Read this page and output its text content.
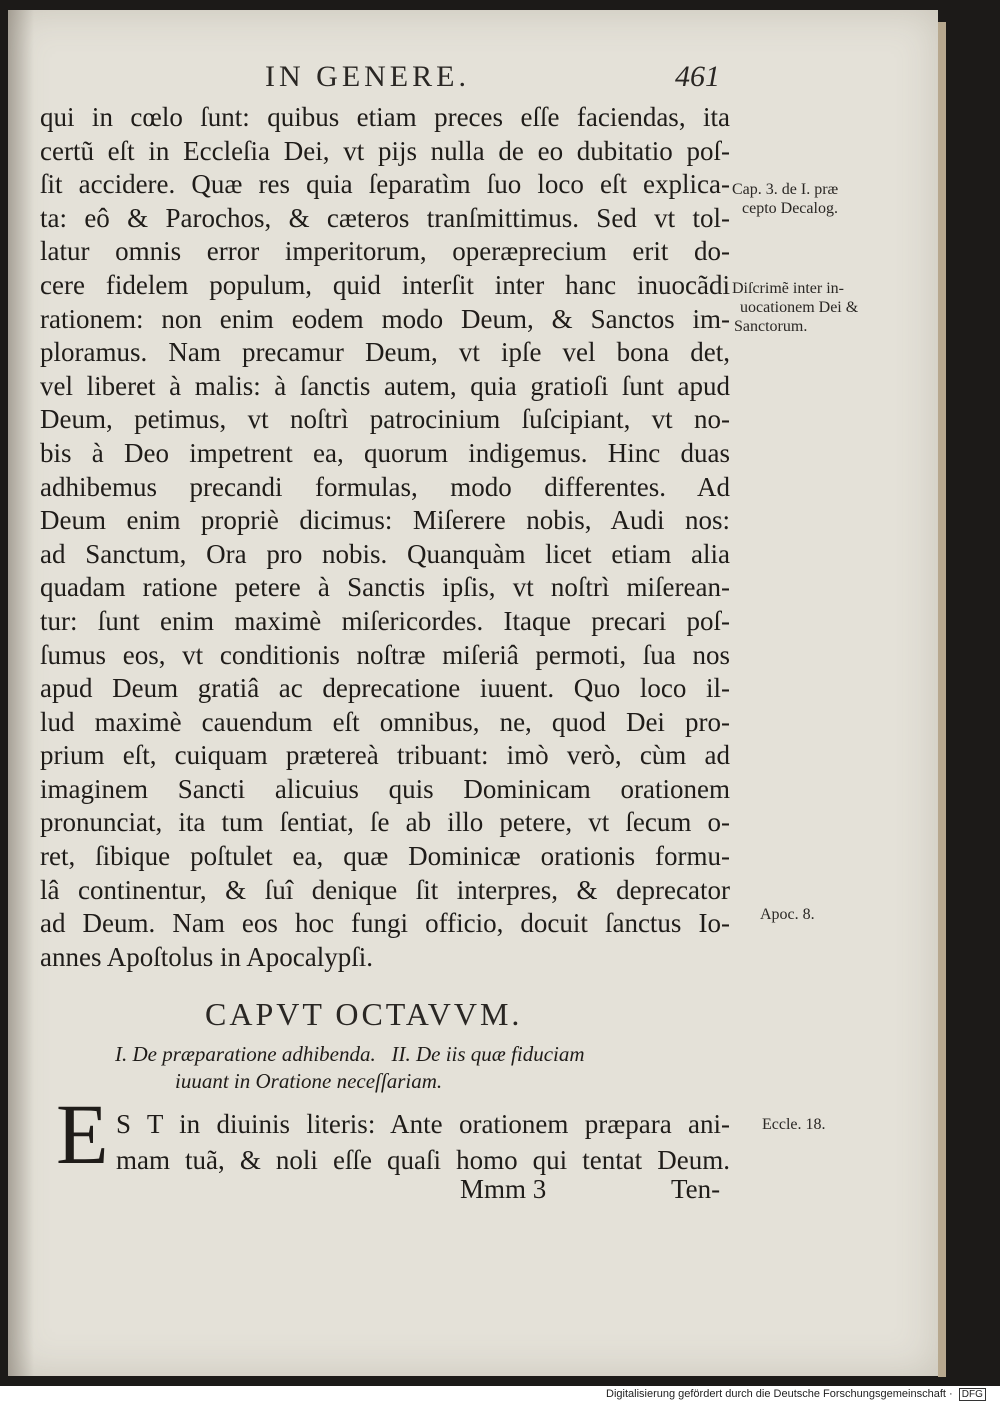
IN GENERE.	461
qui in cœlo ſunt: quibus etiam preces eſſe faciendas, ita
certũ eſt in Eccleſia Dei, vt pijs nulla de eo dubitatio poſ-
ſit accidere. Quæ res quia ſeparatìm ſuo loco eſt explica-
ta: eô & Parochos, & cæteros tranſmittimus. Sed vt tol-
latur omnis error imperitorum, operæprecium erit do-
cere fidelem populum, quid interſit inter hanc inuocãdi
rationem: non enim eodem modo Deum, & Sanctos im-
ploramus. Nam precamur Deum, vt ipſe vel bona det,
vel liberet à malis: à ſanctis autem, quia gratioſi ſunt apud
Deum, petimus, vt noſtrì patrocinium ſuſcipiant, vt no-
bis à Deo impetrent ea, quorum indigemus. Hinc duas
adhibemus precandi formulas, modo differentes. Ad
Deum enim propriè dicimus: Miſerere nobis, Audi nos:
ad Sanctum, Ora pro nobis. Quanquàm licet etiam alia
quadam ratione petere à Sanctis ipſis, vt noſtrì miſerean-
tur: ſunt enim maximè miſericordes. Itaque precari poſ-
ſumus eos, vt conditionis noſtræ miſeriâ permoti, ſua nos
apud Deum gratiâ ac deprecatione iuuent. Quo loco il-
lud maximè cauendum eſt omnibus, ne, quod Dei pro-
prium eſt, cuiquam prætereà tribuant: imò verò, cùm ad
imaginem Sancti alicuius quis Dominicam orationem
pronunciat, ita tum ſentiat, ſe ab illo petere, vt ſecum o-
ret, ſibiquе poſtulet ea, quæ Dominicæ orationis formu-
lâ continentur, & ſuî denique ſit interpres, & deprecator
ad Deum. Nam eos hoc fungi officio, docuit ſanctus Io-
annes Apoſtolus in Apocalypſi.
Cap. 3. de I. præ
cepto Decalog.
Diſcrimẽ inter in-
uocationem Dei &
Sanctorum.
Apoc. 8.
Eccle. 18.
CAPVT OCTAVVM.
I. De præparatione adhibenda.   II. De iis quæ fiduciam
iuuant in Oratione neceſſariam.
E S T in diuinis literis: Ante orationem præpara ani-
mam tuã, & noli eſſe quaſi homo qui tentat Deum.
Mmm 3	Ten-
Digitalisierung gefördert durch die Deutsche Forschungsgemeinschaft · DFG
